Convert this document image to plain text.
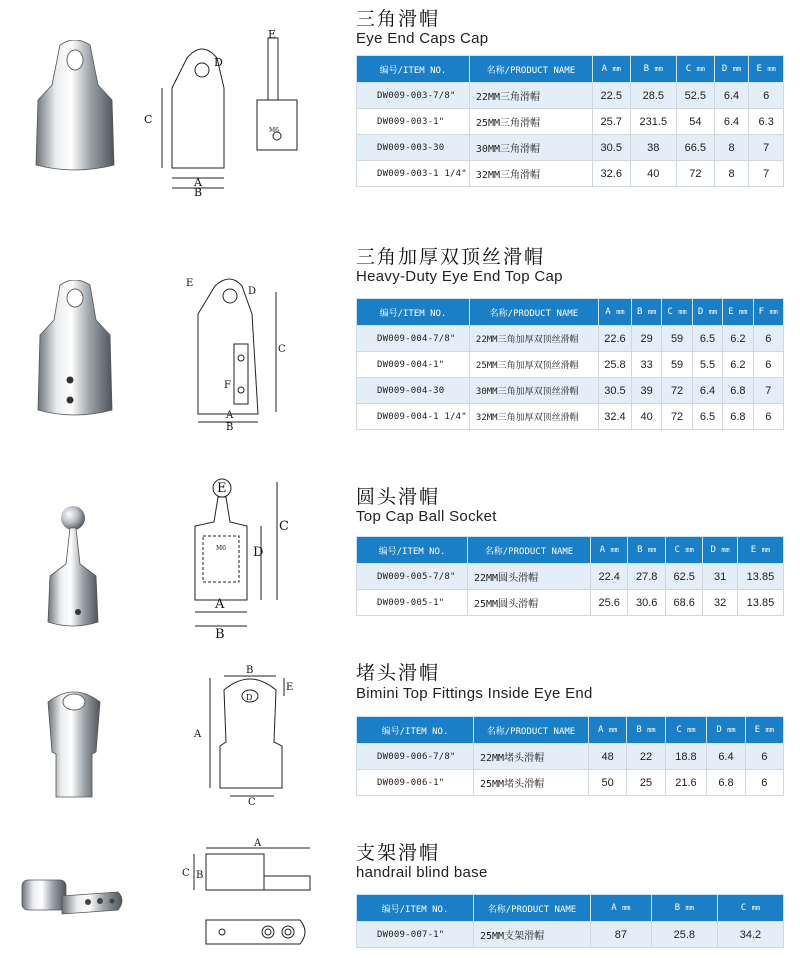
C
A
B
D
E
M6
三角滑帽
Eye End Caps Cap
编号/ITEM NO.	名称/PRODUCT NAME	A mm	B mm	C mm	D mm	E mm
DW009-003-7/8"	22MM三角滑帽	22.5	28.5	52.5	6.4	6
DW009-003-1"	25MM三角滑帽	25.7	231.5	54	6.4	6.3
DW009-003-30	30MM三角滑帽	30.5	38	66.5	8	7
DW009-003-1 1/4"	32MM三角滑帽	32.6	40	72	8	7
A
B
C
D
E
F
三角加厚双顶丝滑帽
Heavy-Duty Eye End Top Cap
编号/ITEM NO.	名称/PRODUCT NAME	A mm	B mm	C mm	D mm	E mm	F mm
DW009-004-7/8"	22MM三角加厚双顶丝滑帽	22.6	29	59	6.5	6.2	6
DW009-004-1"	25MM三角加厚双顶丝滑帽	25.8	33	59	5.5	6.2	6
DW009-004-30	30MM三角加厚双顶丝滑帽	30.5	39	72	6.4	6.8	7
DW009-004-1 1/4"	32MM三角加厚双顶丝滑帽	32.4	40	72	6.5	6.8	6
A
B
C
D
E
M6
圆头滑帽
Top Cap Ball Socket
编号/ITEM NO.	名称/PRODUCT NAME	A mm	B mm	C mm	D mm	E mm
DW009-005-7/8"	22MM圆头滑帽	22.4	27.8	62.5	31	13.85
DW009-005-1"	25MM圆头滑帽	25.6	30.6	68.6	32	13.85
A
B
C
D
E
堵头滑帽
Bimini Top Fittings Inside Eye End
编号/ITEM NO.	名称/PRODUCT NAME	A mm	B mm	C mm	D mm	E mm
DW009-006-7/8"	22MM堵头滑帽	48	22	18.8	6.4	6
DW009-006-1"	25MM堵头滑帽	50	25	21.6	6.8	6
A
B
C
支架滑帽
handrail blind base
编号/ITEM NO.	名称/PRODUCT NAME	A mm	B mm	C mm
DW009-007-1"	25MM支架滑帽	87	25.8	34.2
